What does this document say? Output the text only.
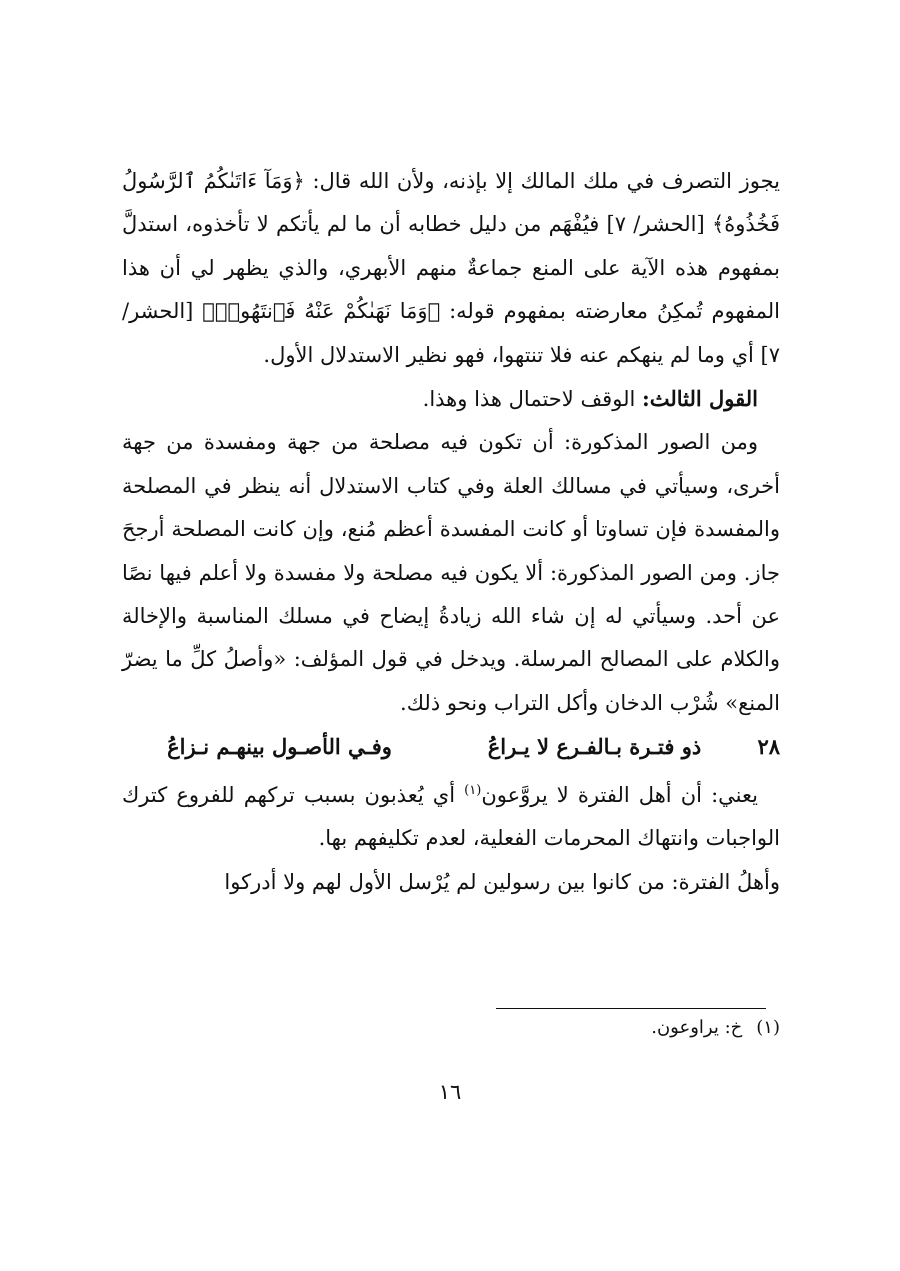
يجوز التصرف في ملك المالك إلا بإذنه، ولأن الله قال: ﴿وَمَآ ءَاتَىٰكُمُ ٱلرَّسُولُ فَخُذُوهُ﴾ [الحشر/ ٧] فيُفْهَم من دليل خطابه أن ما لم يأتكم لا تأخذوه، استدلَّ بمفهوم هذه الآية على المنع جماعةٌ منهم الأبهري، والذي يظهر لي أن هذا المفهوم تُمكِنُ معارضته بمفهوم قوله: ﴿وَمَا نَهَىٰكُمْ عَنْهُ فَٱنتَهُوا۟﴾ [الحشر/ ٧] أي وما لم ينهكم عنه فلا تنتهوا، فهو نظير الاستدلال الأول.

القول الثالث: الوقف لاحتمال هذا وهذا.

ومن الصور المذكورة: أن تكون فيه مصلحة من جهة ومفسدة من جهة أخرى، وسيأتي في مسالك العلة وفي كتاب الاستدلال أنه ينظر في المصلحة والمفسدة فإن تساوتا أو كانت المفسدة أعظم مُنع، وإن كانت المصلحة أرجحَ جاز. ومن الصور المذكورة: ألا يكون فيه مصلحة ولا مفسدة ولا أعلم فيها نصًا عن أحد. وسيأتي له إن شاء الله زيادةُ إيضاح في مسلك المناسبة والإخالة والكلام على المصالح المرسلة. ويدخل في قول المؤلف: «وأصلُ كلِّ ما يضرّ المنع» شُرْب الدخان وأكل التراب ونحو ذلك.

٢٨
ذو فتـرة بـالفـرع لا يـراعُ
وفـي الأصـول بينهـم نـزاعُ

يعني: أن أهل الفترة لا يروَّعون$^{(١)}$ أي يُعذبون بسبب تركهم للفروع كترك الواجبات وانتهاك المحرمات الفعلية، لعدم تكليفهم بها.

وأهلُ الفترة: من كانوا بين رسولين لم يُرْسل الأول لهم ولا أدركوا

(١)خ: يراوعون.
١٦
